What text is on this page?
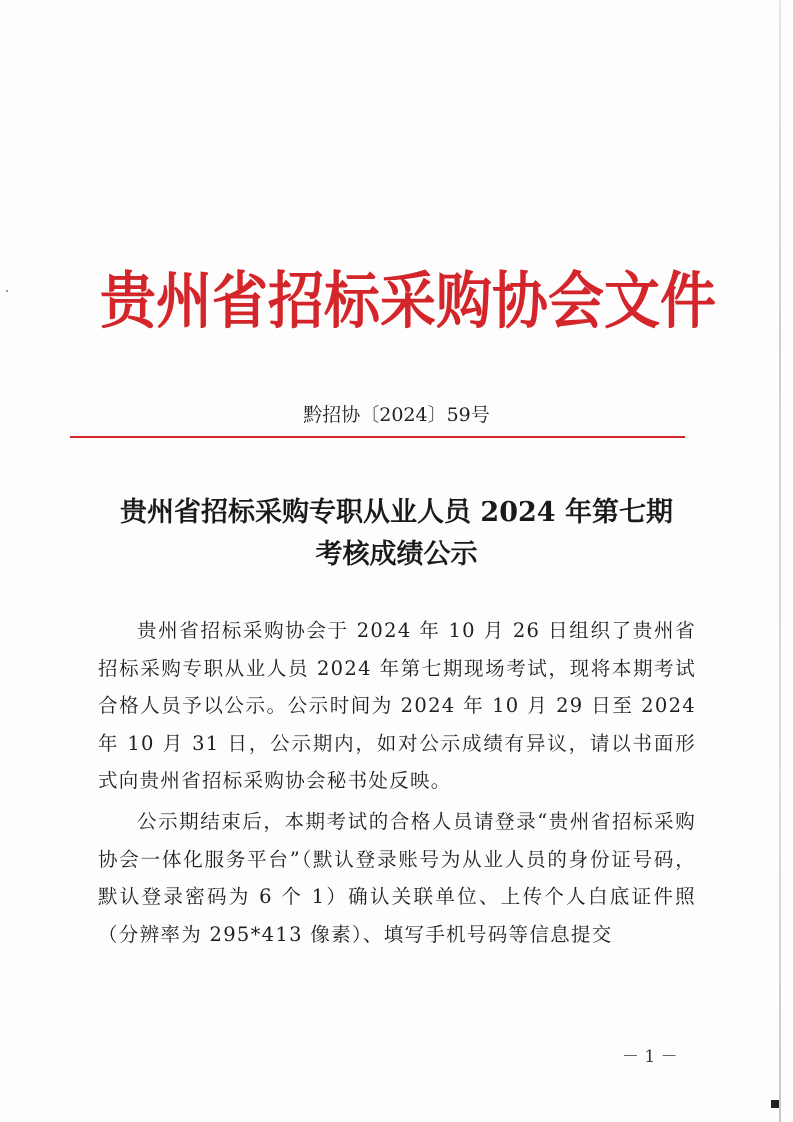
贵州省招标采购协会文件
黔招协〔2024〕59号
贵州省招标采购专职从业人员 2024 年第七期
考核成绩公示

贵州省招标采购协会于 2024 年 10 月 26 日组织了贵州省招标采购专职从业人员 2024 年第七期现场考试，现将本期考试合格人员予以公示。公示时间为 2024 年 10 月 29 日至 2024 年 10 月 31 日，公示期内，如对公示成绩有异议，请以书面形式向贵州省招标采购协会秘书处反映。

公示期结束后，本期考试的合格人员请登录“贵州省招标采购协会一体化服务平台”（默认登录账号为从业人员的身份证号码，默认登录密码为 6 个 1）确认关联单位、上传个人白底证件照（分辨率为 295*413 像素）、填写手机号码等信息提交

－ 1 －
